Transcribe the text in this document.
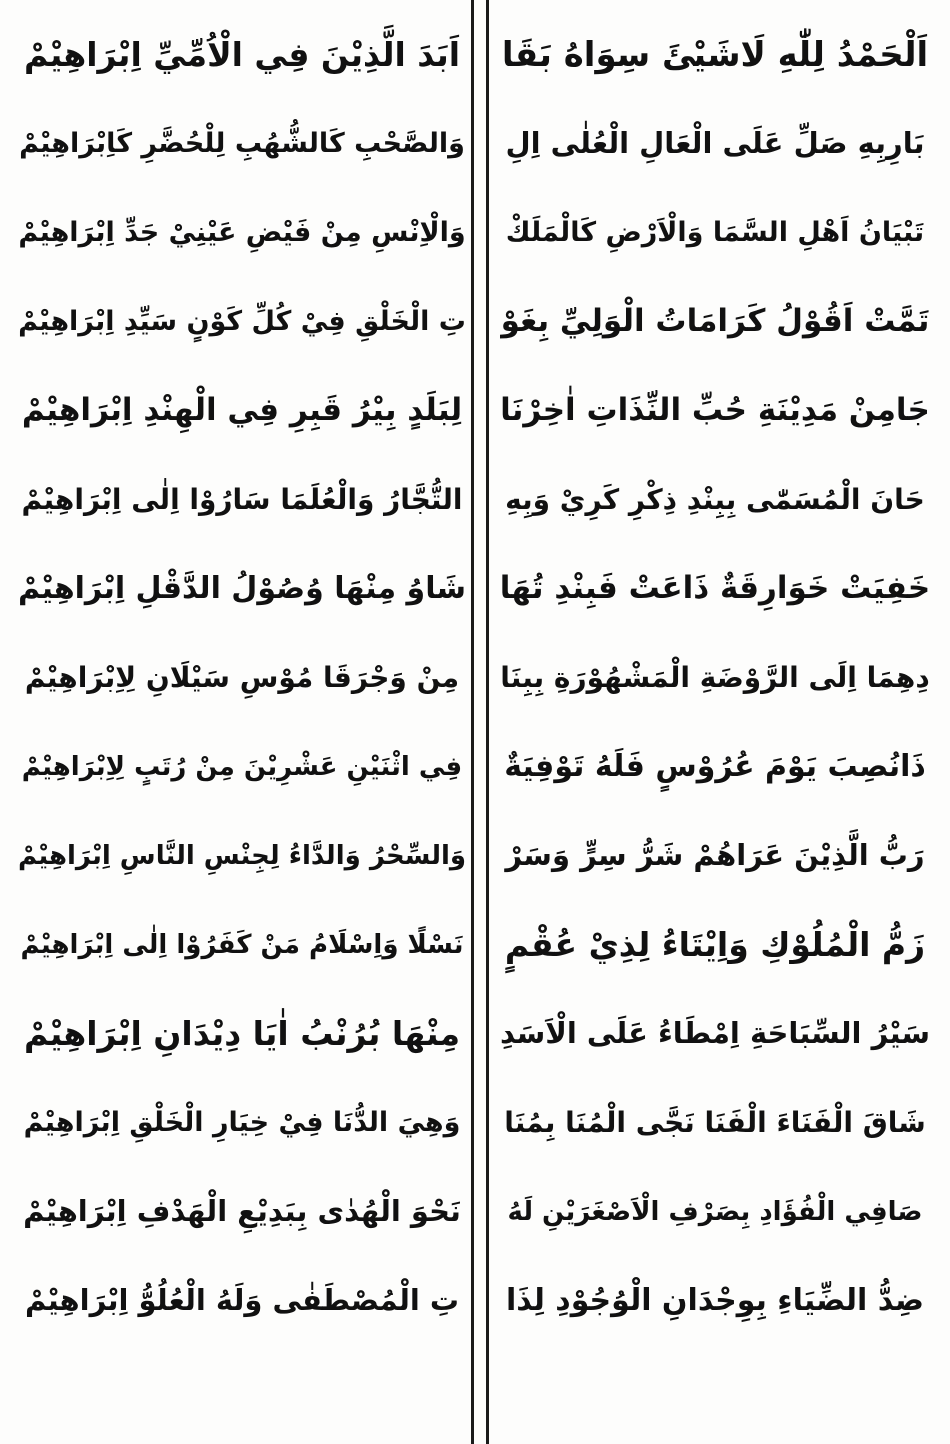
اَلْحَمْدُ لِلّٰهِ لَاشَيْئَ سِوَاهُ بَقَا
بَارِبِهِ صَلِّ عَلَى الْعَالِ الْعُلٰى اِلِ
تَبْيَانُ اَهْلِ السَّمَا وَالْاَرْضِ كَالْمَلَكْ
تَمَّتْ اَقُوْلُ كَرَامَاتُ الْوَلِيِّ بِغَوْ
جَامِنْ مَدِيْنَةِ حُبِّ النِّذَاتِ اٰخِرْنَا
حَانَ الْمُسَمّٰى بِبِنْدِ ذِكْرِ كَرِيْ وَبِهِ
خَفِيَتْ خَوَارِقَةٌ ذَاعَتْ فَبِنْدِ تُهَا
دِهِمَا اِلَى الرَّوْضَةِ الْمَشْهُوْرَةِ بِبِنَا
ذَانُصِبَ يَوْمَ عُرُوْسٍ فَلَهُ تَوْفِيَةٌ
رَبُّ الَّذِيْنَ عَرَاهُمْ شَرُّ سِرٍّ وَسَرْ
زَمُّ الْمُلُوْكِ وَاِيْتَاءُ لِذِيْ عُقْمٍ
سَيْرُ السِّبَاحَةِ اِمْطَاءُ عَلَى الْاَسَدِ
شَاقَ الْفَنَاءَ الْفَنَا نَجَّى الْمُنَا بِمُنَا
صَافِي الْفُؤَادِ بِصَرْفِ الْاَصْغَرَيْنِ لَهُ
ضِدُّ الضِّيَاءِ بِوِجْدَانِ الْوُجُوْدِ لِذَا
اَبَدَ الَّذِيْنَ فِي الْاُمِّيِّ اِبْرَاهِيْمْ
وَالصَّحْبِ كَالشُّهُبِ لِلْحُضَّرِ كَاِبْرَاهِيْمْ
وَالْاِنْسِ مِنْ فَيْضِ عَيْنِيْ جَدِّ اِبْرَاهِيْمْ
تِ الْخَلْقِ فِيْ كُلِّ كَوْنٍ سَيِّدِ اِبْرَاهِيْمْ
لِبَلَدٍ بِيْرُ قَبِرِ فِي الْهِنْدِ اِبْرَاهِيْمْ
التُّجَّارُ وَالْعُلَمَا سَارُوْا اِلٰى اِبْرَاهِيْمْ
شَاوُ مِنْهَا وُصُوْلُ الدَّقْلِ اِبْرَاهِيْمْ
مِنْ وَجْرَقَا مُوْسِ سَيْلَانِ لِاِبْرَاهِيْمْ
فِي اثْنَيْنِ عَشْرِيْنَ مِنْ رُتَبٍ لِاِبْرَاهِيْمْ
وَالسِّحْرُ وَالدَّاءُ لِجِنْسِ النَّاسِ اِبْرَاهِيْمْ
نَسْلًا وَاِسْلَامُ مَنْ كَفَرُوْا اِلٰى اِبْرَاهِيْمْ
مِنْهَا بُرُنْبُ اٰيَا دِيْدَانِ اِبْرَاهِيْمْ
وَهِيَ الدُّنَا فِيْ خِيَارِ الْخَلْقِ اِبْرَاهِيْمْ
نَحْوَ الْهُدٰى بِبَدِيْعِ الْهَدْفِ اِبْرَاهِيْمْ
تِ الْمُصْطَفٰى وَلَهُ الْعُلُوُّ اِبْرَاهِيْمْ
